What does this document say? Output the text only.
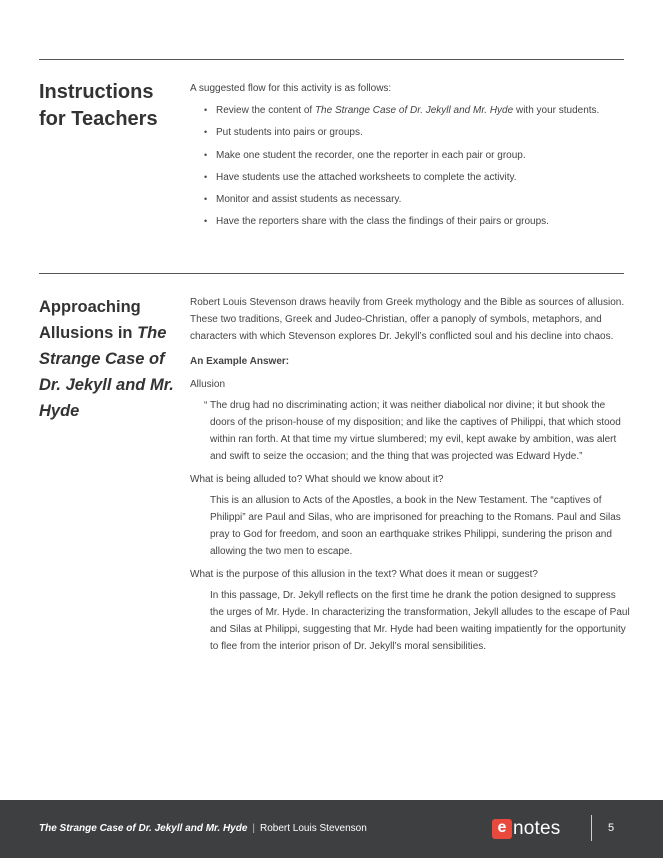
Instructions for Teachers

A suggested flow for this activity is as follows:

• Review the content of The Strange Case of Dr. Jekyll and Mr. Hyde with your students.
• Put students into pairs or groups.
• Make one student the recorder, one the reporter in each pair or group.
• Have students use the attached worksheets to complete the activity.
• Monitor and assist students as necessary.
• Have the reporters share with the class the findings of their pairs or groups.
Approaching Allusions in The Strange Case of Dr. Jekyll and Mr. Hyde

Robert Louis Stevenson draws heavily from Greek mythology and the Bible as sources of allusion. These two traditions, Greek and Judeo-Christian, offer a panoply of symbols, metaphors, and characters with which Stevenson explores Dr. Jekyll’s conflicted soul and his decline into chaos.

An Example Answer:

Allusion

“ The drug had no discriminating action; it was neither diabolical nor divine; it but shook the doors of the prison-house of my disposition; and like the captives of Philippi, that which stood within ran forth. At that time my virtue slumbered; my evil, kept awake by ambition, was alert and swift to seize the occasion; and the thing that was projected was Edward Hyde.”

What is being alluded to? What should we know about it?

This is an allusion to Acts of the Apostles, a book in the New Testament. The “captives of Philippi” are Paul and Silas, who are imprisoned for preaching to the Romans. Paul and Silas pray to God for freedom, and soon an earthquake strikes Philippi, sundering the prison and allowing the two men to escape.

What is the purpose of this allusion in the text? What does it mean or suggest?

In this passage, Dr. Jekyll reflects on the first time he drank the potion designed to suppress the urges of Mr. Hyde. In characterizing the transformation, Jekyll alludes to the escape of Paul and Silas at Philippi, suggesting that Mr. Hyde had been waiting impatiently for the opportunity to flee from the interior prison of Dr. Jekyll’s moral sensibilities.

The Strange Case of Dr. Jekyll and Mr. Hyde | Robert Louis Stevenson	e notes	5
